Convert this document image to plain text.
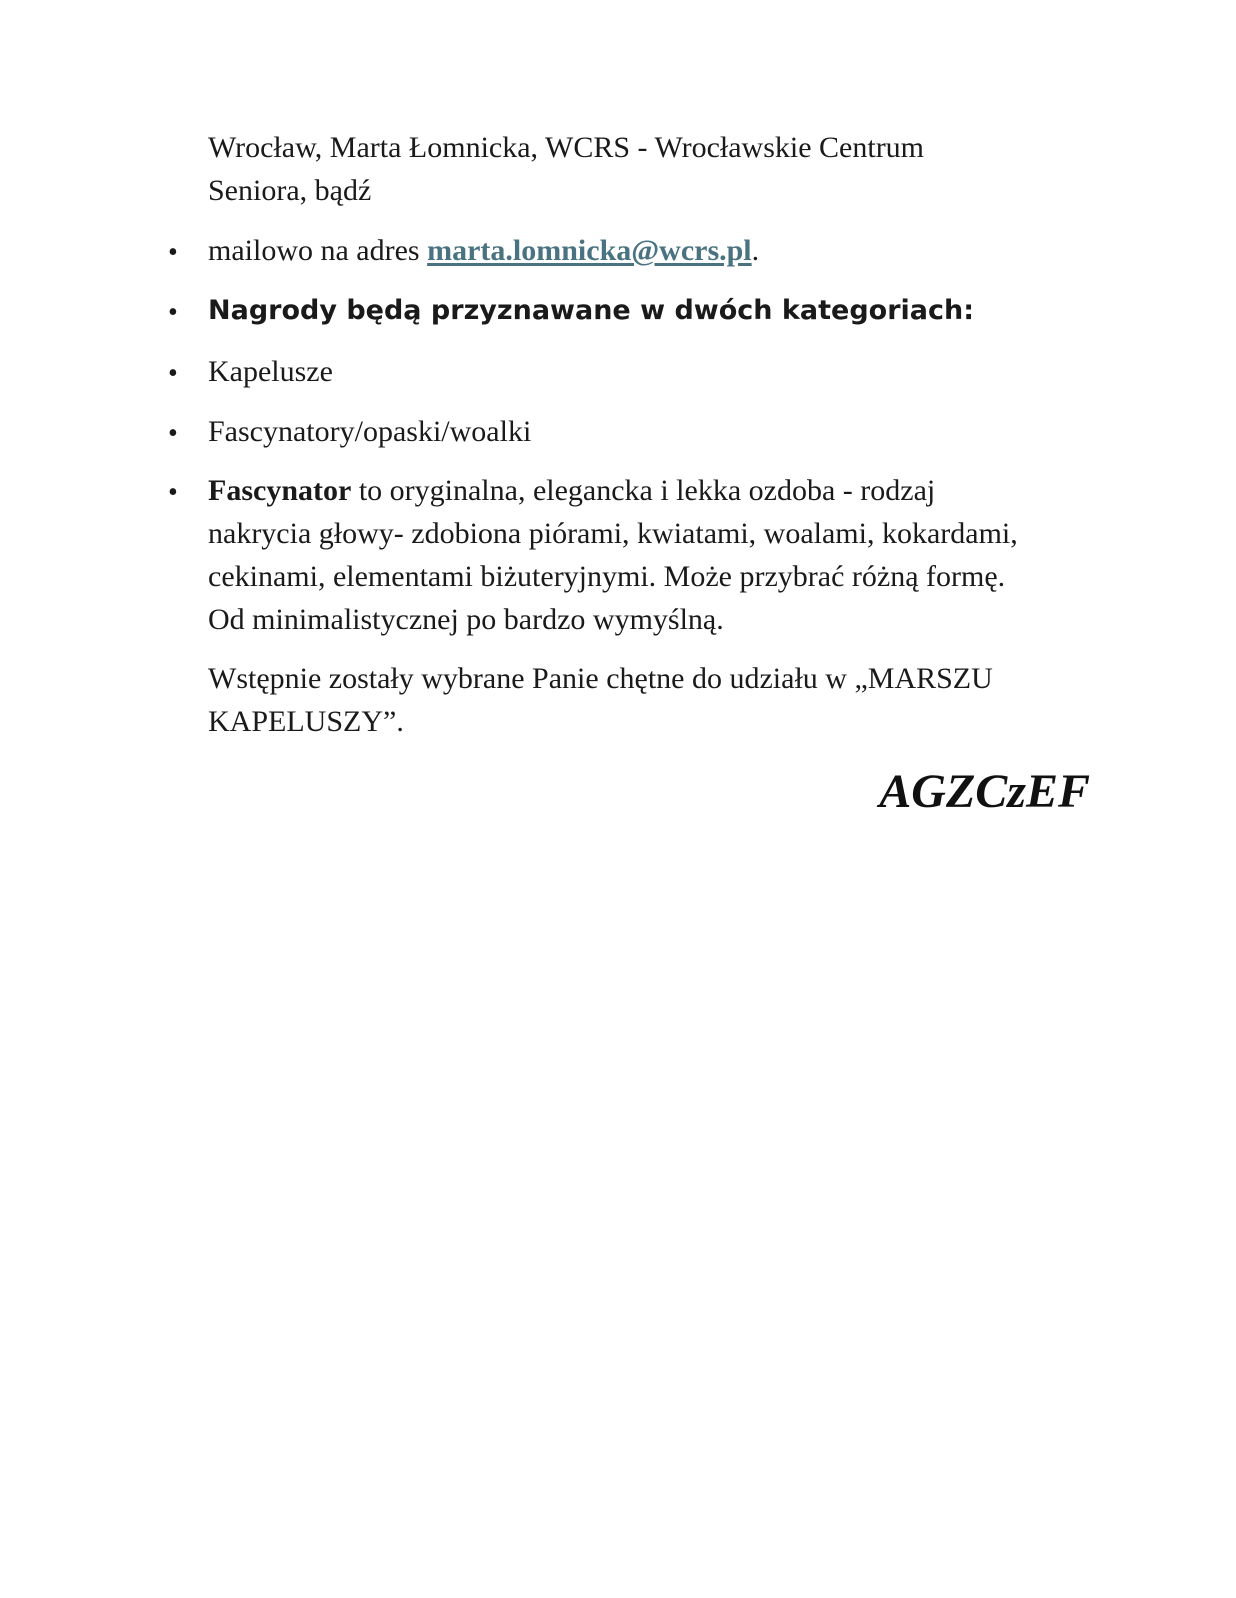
Wrocław, Marta Łomnicka, WCRS - Wrocławskie Centrum
Seniora, bądź
• mailowo na adres marta.lomnicka@wcrs.pl.
• Nagrody będą przyznawane w dwóch kategoriach:
• Kapelusze
• Fascynatory/opaski/woalki
• Fascynator to oryginalna, elegancka i lekka ozdoba - rodzaj
nakrycia głowy- zdobiona piórami, kwiatami, woalami, kokardami,
cekinami, elementami biżuteryjnymi. Może przybrać różną formę.
Od minimalistycznej po bardzo wymyślną.
Wstępnie zostały wybrane Panie chętne do udziału w „MARSZU
KAPELUSZY”.
AGZCzEF
